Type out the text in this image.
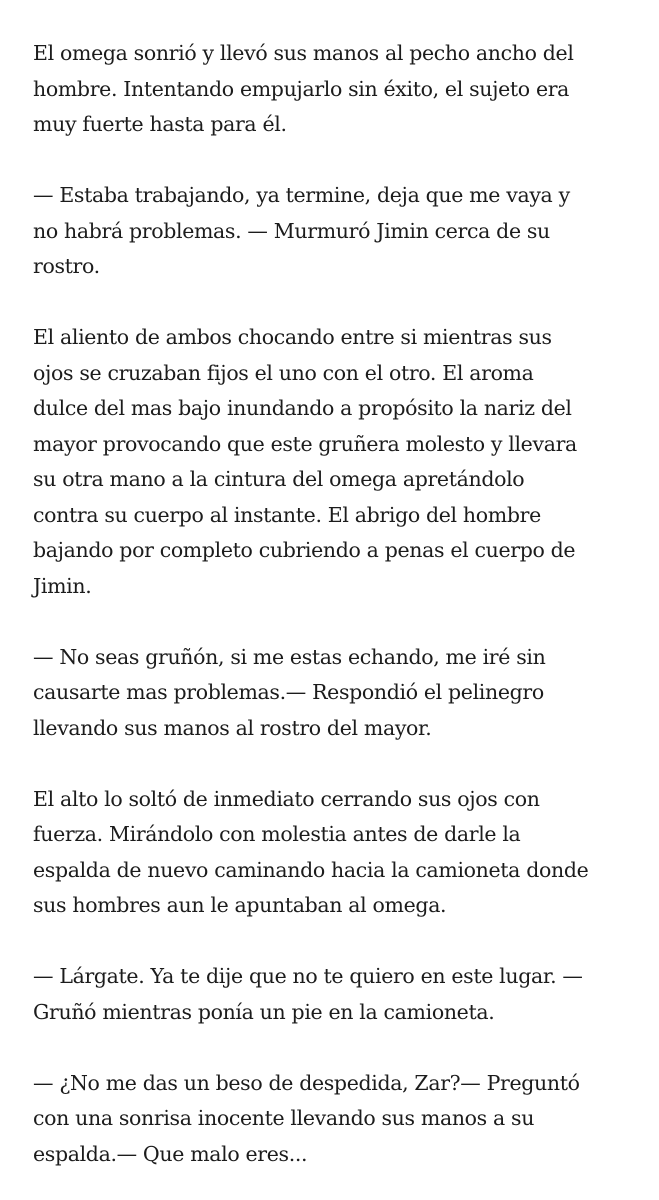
El omega sonrió y llevó sus manos al pecho ancho del
hombre. Intentando empujarlo sin éxito, el sujeto era
muy fuerte hasta para él.

— Estaba trabajando, ya termine, deja que me vaya y
no habrá problemas. — Murmuró Jimin cerca de su
rostro.

El aliento de ambos chocando entre si mientras sus
ojos se cruzaban fijos el uno con el otro. El aroma
dulce del mas bajo inundando a propósito la nariz del
mayor provocando que este gruñera molesto y llevara
su otra mano a la cintura del omega apretándolo
contra su cuerpo al instante. El abrigo del hombre
bajando por completo cubriendo a penas el cuerpo de
Jimin.

— No seas gruñón, si me estas echando, me iré sin
causarte mas problemas.— Respondió el pelinegro
llevando sus manos al rostro del mayor.

El alto lo soltó de inmediato cerrando sus ojos con
fuerza. Mirándolo con molestia antes de darle la
espalda de nuevo caminando hacia la camioneta donde
sus hombres aun le apuntaban al omega.

— Lárgate. Ya te dije que no te quiero en este lugar. —
Gruñó mientras ponía un pie en la camioneta.

— ¿No me das un beso de despedida, Zar?— Preguntó
con una sonrisa inocente llevando sus manos a su
espalda.— Que malo eres...
